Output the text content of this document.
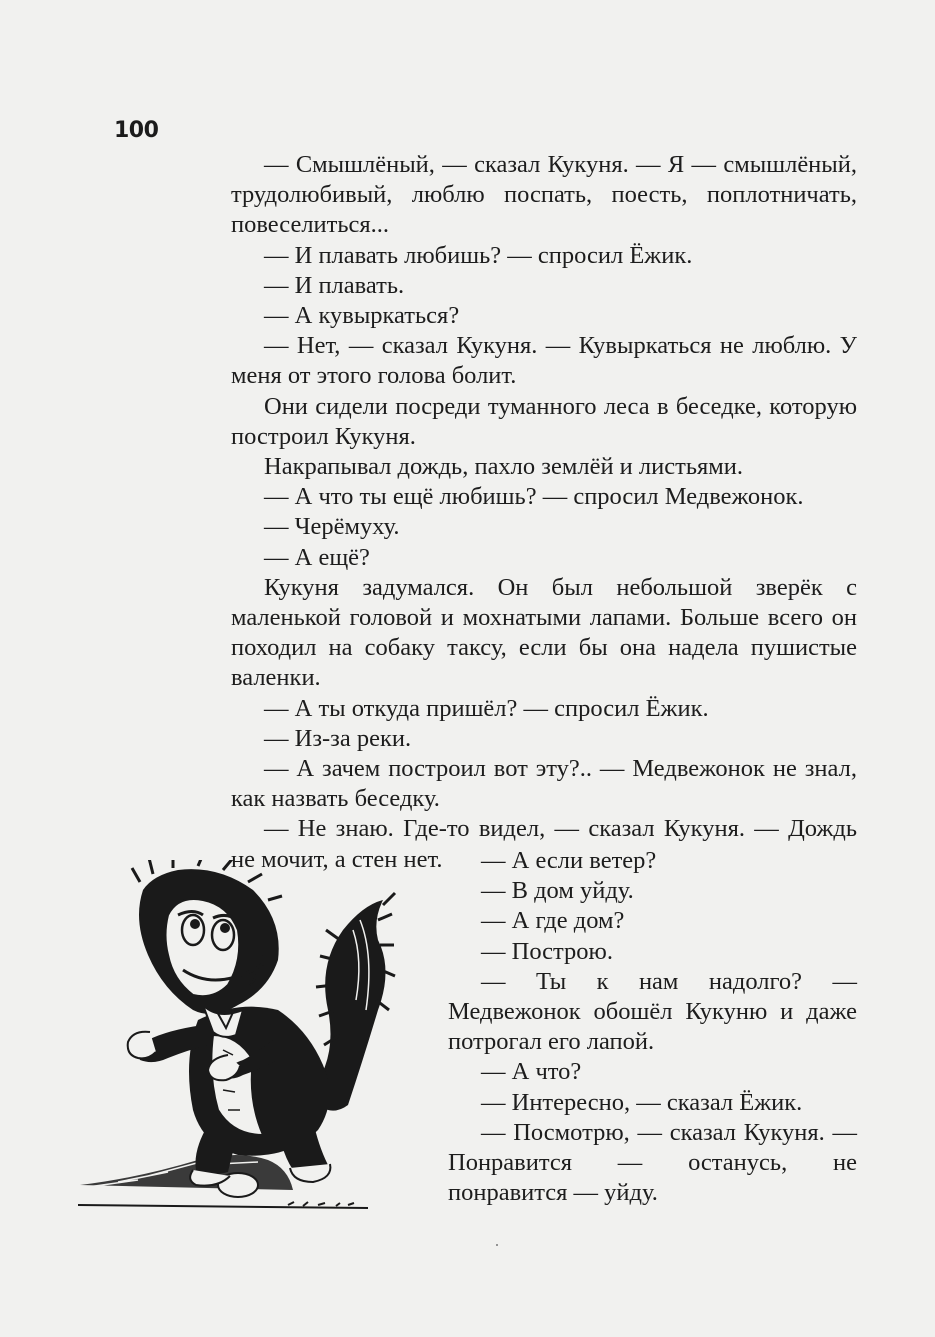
100

— Смышлёный, — сказал Кукуня. — Я — смышлёный, трудолюбивый, люблю поспать, поесть, поплотничать, повеселиться...

— И плавать любишь? — спросил Ёжик.

— И плавать.

— А кувыркаться?

— Нет, — сказал Кукуня. — Кувыркаться не люблю. У меня от этого голова болит.

Они сидели посреди туманного леса в беседке, которую построил Кукуня.

Накрапывал дождь, пахло землёй и листьями.

— А что ты ещё любишь? — спросил Медвежонок.

— Черёмуху.

— А ещё?

Кукуня задумался. Он был небольшой зверёк с маленькой головой и мохнатыми лапами. Больше всего он походил на собаку таксу, если бы она надела пушистые валенки.

— А ты откуда пришёл? — спросил Ёжик.

— Из-за реки.

— А зачем построил вот эту?.. — Медвежонок не знал, как назвать беседку.

— Не знаю. Где-то видел, — сказал Кукуня. — Дождь не мочит, а стен нет.	— А если ветер?

— В дом уйду.

— А где дом?

— Построю.

— Ты к нам надолго? — Медвежонок обошёл Кукуню и даже потрогал его лапой.

— А что?

— Интересно, — сказал Ёжик.

— Посмотрю, — сказал Кукуня. — Понравится — останусь, не понравится — уйду.
